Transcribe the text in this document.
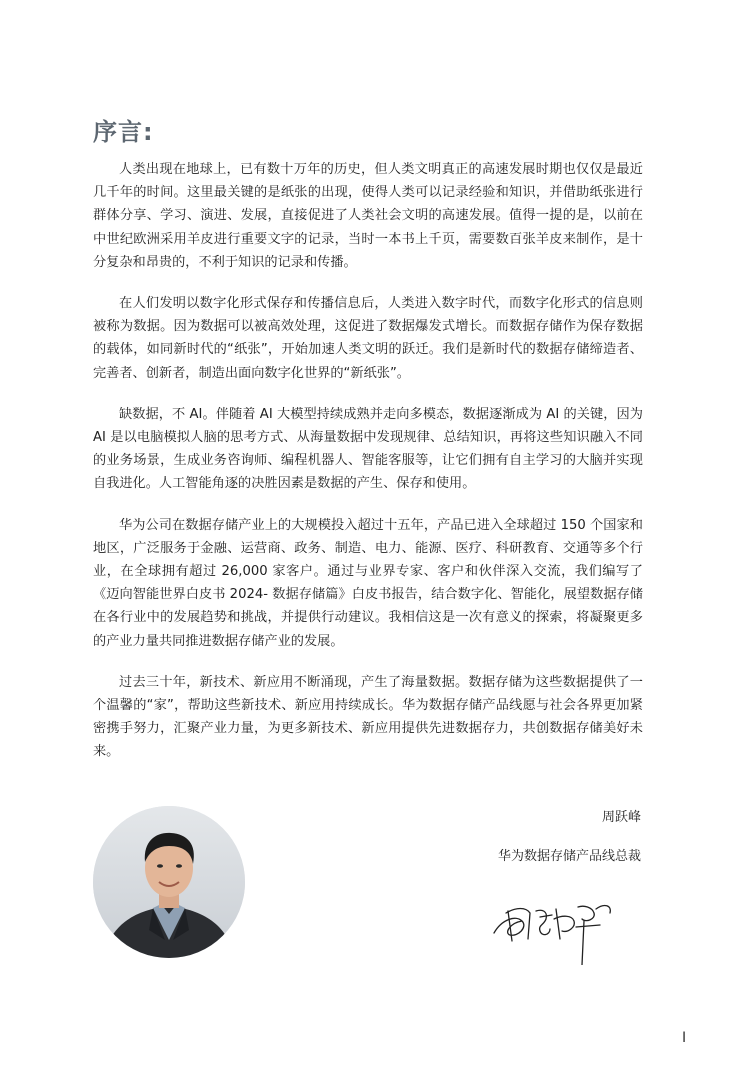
序言:

人类出现在地球上，已有数十万年的历史，但人类文明真正的高速发展时期也仅仅是最近几千年的时间。这里最关键的是纸张的出现，使得人类可以记录经验和知识，并借助纸张进行群体分享、学习、演进、发展，直接促进了人类社会文明的高速发展。值得一提的是，以前在中世纪欧洲采用羊皮进行重要文字的记录，当时一本书上千页，需要数百张羊皮来制作，是十分复杂和昂贵的，不利于知识的记录和传播。

在人们发明以数字化形式保存和传播信息后，人类进入数字时代，而数字化形式的信息则被称为数据。因为数据可以被高效处理，这促进了数据爆发式增长。而数据存储作为保存数据的载体，如同新时代的“纸张”，开始加速人类文明的跃迁。我们是新时代的数据存储缔造者、完善者、创新者，制造出面向数字化世界的“新纸张”。

缺数据，不 AI。伴随着 AI 大模型持续成熟并走向多模态，数据逐渐成为 AI 的关键，因为 AI 是以电脑模拟人脑的思考方式、从海量数据中发现规律、总结知识，再将这些知识融入不同的业务场景，生成业务咨询师、编程机器人、智能客服等，让它们拥有自主学习的大脑并实现自我进化。人工智能角逐的决胜因素是数据的产生、保存和使用。

华为公司在数据存储产业上的大规模投入超过十五年，产品已进入全球超过 150 个国家和地区，广泛服务于金融、运营商、政务、制造、电力、能源、医疗、科研教育、交通等多个行业，在全球拥有超过 26,000 家客户。通过与业界专家、客户和伙伴深入交流，我们编写了《迈向智能世界白皮书 2024- 数据存储篇》白皮书报告，结合数字化、智能化，展望数据存储在各行业中的发展趋势和挑战，并提供行动建议。我相信这是一次有意义的探索，将凝聚更多的产业力量共同推进数据存储产业的发展。

过去三十年，新技术、新应用不断涌现，产生了海量数据。数据存储为这些数据提供了一个温馨的“家”，帮助这些新技术、新应用持续成长。华为数据存储产品线愿与社会各界更加紧密携手努力，汇聚产业力量，为更多新技术、新应用提供先进数据存力，共创数据存储美好未来。

周跃峰
华为数据存储产品线总裁
I
